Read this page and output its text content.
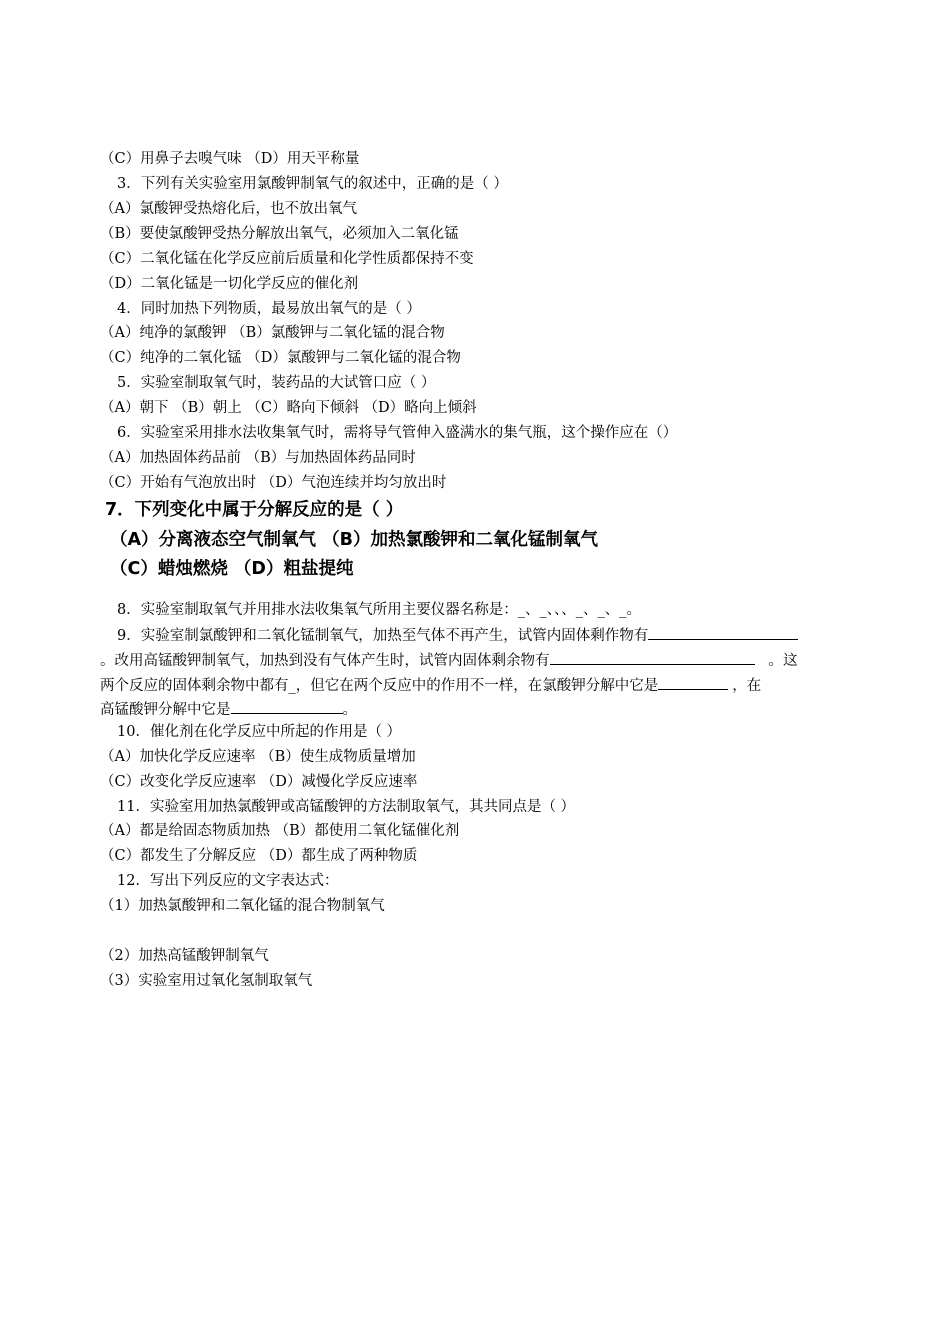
（C）用鼻子去嗅气味 （D）用天平称量
3．下列有关实验室用氯酸钾制氧气的叙述中，正确的是（ ）
（A）氯酸钾受热熔化后，也不放出氧气
（B）要使氯酸钾受热分解放出氧气，必须加入二氧化锰
（C）二氧化锰在化学反应前后质量和化学性质都保持不变
（D）二氧化锰是一切化学反应的催化剂
4．同时加热下列物质，最易放出氧气的是（ ）
（A）纯净的氯酸钾 （B）氯酸钾与二氧化锰的混合物
（C）纯净的二氧化锰 （D）氯酸钾与二氧化锰的混合物
5．实验室制取氧气时，装药品的大试管口应（ ）
（A）朝下 （B）朝上 （C）略向下倾斜 （D）略向上倾斜
6．实验室采用排水法收集氧气时，需将导气管伸入盛满水的集气瓶，这个操作应在（）
（A）加热固体药品前 （B）与加热固体药品同时
（C）开始有气泡放出时 （D）气泡连续并均匀放出时
7．下列变化中属于分解反应的是（ ）
（A）分离液态空气制氧气 （B）加热氯酸钾和二氧化锰制氧气
（C）蜡烛燃烧 （D）粗盐提纯
8．实验室制取氧气并用排水法收集氧气所用主要仪器名称是：_、_、、、_、_、_。
9．实验室制氯酸钾和二氧化锰制氧气，加热至气体不再产生，试管内固体剩作物有
。改用高锰酸钾制氧气，加热到没有气体产生时，试管内固体剩余物有	。这
两个反应的固体剩余物中都有_，但它在两个反应中的作用不一样，在氯酸钾分解中它是	，在
高锰酸钾分解中它是	。
10．催化剂在化学反应中所起的作用是（ ）
（A）加快化学反应速率 （B）使生成物质量增加
（C）改变化学反应速率 （D）减慢化学反应速率
11．实验室用加热氯酸钾或高锰酸钾的方法制取氧气，其共同点是（ ）
（A）都是给固态物质加热 （B）都使用二氧化锰催化剂
（C）都发生了分解反应 （D）都生成了两种物质
12．写出下列反应的文字表达式：
（1）加热氯酸钾和二氧化锰的混合物制氧气
（2）加热高锰酸钾制氧气
（3）实验室用过氧化氢制取氧气
